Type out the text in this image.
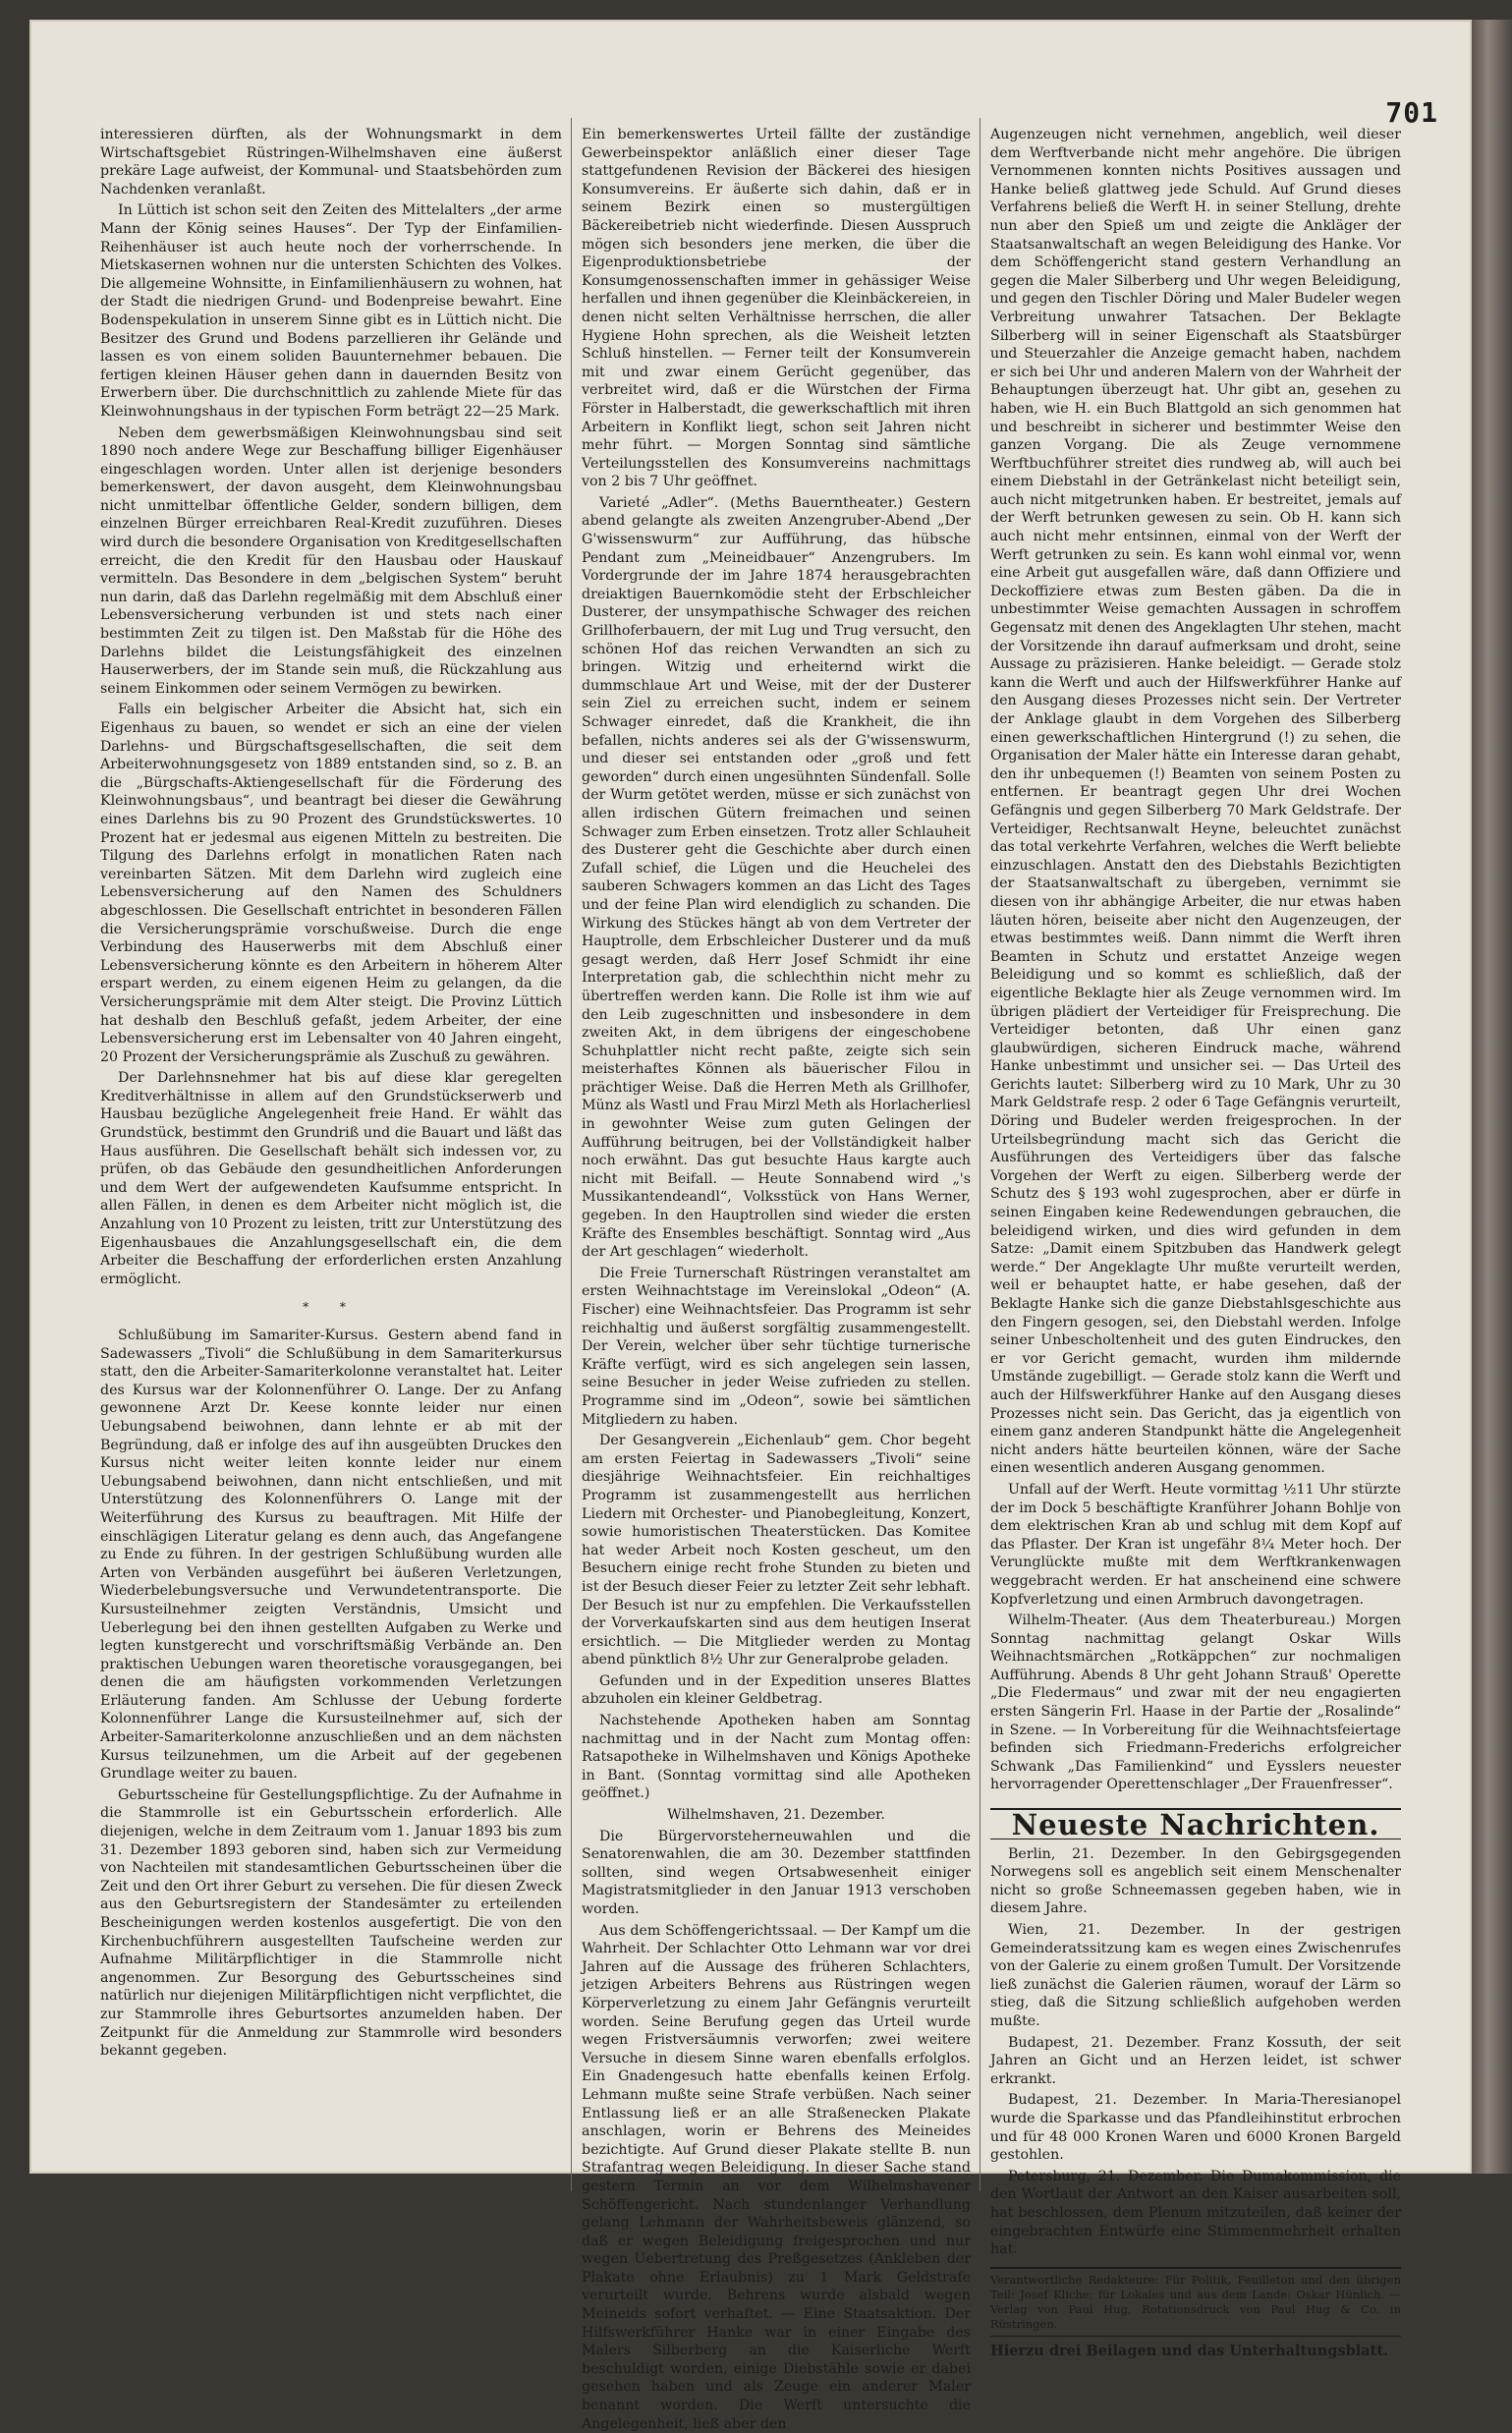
701

interessieren dürften, als der Wohnungsmarkt in dem Wirtschaftsgebiet Rüstringen-Wilhelmshaven eine äußerst prekäre Lage aufweist, der Kommunal- und Staatsbehörden zum Nachdenken veranlaßt.

In Lüttich ist schon seit den Zeiten des Mittelalters „der arme Mann der König seines Hauses“. Der Typ der Einfamilien-Reihenhäuser ist auch heute noch der vorherrschende. In Mietskasernen wohnen nur die untersten Schichten des Volkes. Die allgemeine Wohnsitte, in Einfamilienhäusern zu wohnen, hat der Stadt die niedrigen Grund- und Bodenpreise bewahrt. Eine Bodenspekulation in unserem Sinne gibt es in Lüttich nicht. Die Besitzer des Grund und Bodens parzellieren ihr Gelände und lassen es von einem soliden Bauunternehmer bebauen. Die fertigen kleinen Häuser gehen dann in dauernden Besitz von Erwerbern über. Die durchschnittlich zu zahlende Miete für das Kleinwohnungshaus in der typischen Form beträgt 22—25 Mark.

Neben dem gewerbsmäßigen Kleinwohnungsbau sind seit 1890 noch andere Wege zur Beschaffung billiger Eigenhäuser eingeschlagen worden. Unter allen ist derjenige besonders bemerkenswert, der davon ausgeht, dem Kleinwohnungsbau nicht unmittelbar öffentliche Gelder, sondern billigen, dem einzelnen Bürger erreichbaren Real-Kredit zuzuführen. Dieses wird durch die besondere Organisation von Kreditgesellschaften erreicht, die den Kredit für den Hausbau oder Hauskauf vermitteln. Das Besondere in dem „belgischen System“ beruht nun darin, daß das Darlehn regelmäßig mit dem Abschluß einer Lebensversicherung verbunden ist und stets nach einer bestimmten Zeit zu tilgen ist. Den Maßstab für die Höhe des Darlehns bildet die Leistungsfähigkeit des einzelnen Hauserwerbers, der im Stande sein muß, die Rückzahlung aus seinem Einkommen oder seinem Vermögen zu bewirken.

Falls ein belgischer Arbeiter die Absicht hat, sich ein Eigenhaus zu bauen, so wendet er sich an eine der vielen Darlehns- und Bürgschaftsgesellschaften, die seit dem Arbeiterwohnungsgesetz von 1889 entstanden sind, so z. B. an die „Bürgschafts-Aktiengesellschaft für die Förderung des Kleinwohnungsbaus“, und beantragt bei dieser die Gewährung eines Darlehns bis zu 90 Prozent des Grundstückswertes. 10 Prozent hat er jedesmal aus eigenen Mitteln zu bestreiten. Die Tilgung des Darlehns erfolgt in monatlichen Raten nach vereinbarten Sätzen. Mit dem Darlehn wird zugleich eine Lebensversicherung auf den Namen des Schuldners abgeschlossen. Die Gesellschaft entrichtet in besonderen Fällen die Versicherungsprämie vorschußweise. Durch die enge Verbindung des Hauserwerbs mit dem Abschluß einer Lebensversicherung könnte es den Arbeitern in höherem Alter erspart werden, zu einem eigenen Heim zu gelangen, da die Versicherungsprämie mit dem Alter steigt. Die Provinz Lüttich hat deshalb den Beschluß gefaßt, jedem Arbeiter, der eine Lebensversicherung erst im Lebensalter von 40 Jahren eingeht, 20 Prozent der Versicherungsprämie als Zuschuß zu gewähren.

Der Darlehnsnehmer hat bis auf diese klar geregelten Kreditverhältnisse in allem auf den Grundstückserwerb und Hausbau bezügliche Angelegenheit freie Hand. Er wählt das Grundstück, bestimmt den Grundriß und die Bauart und läßt das Haus ausführen. Die Gesellschaft behält sich indessen vor, zu prüfen, ob das Gebäude den gesundheitlichen Anforderungen und dem Wert der aufgewendeten Kaufsumme entspricht. In allen Fällen, in denen es dem Arbeiter nicht möglich ist, die Anzahlung von 10 Prozent zu leisten, tritt zur Unterstützung des Eigenhausbaues die Anzahlungsgesellschaft ein, die dem Arbeiter die Beschaffung der erforderlichen ersten Anzahlung ermöglicht.

* *

Schlußübung im Samariter-Kursus. Gestern abend fand in Sadewassers „Tivoli“ die Schlußübung in dem Samariterkursus statt, den die Arbeiter-Samariterkolonne veranstaltet hat. Leiter des Kursus war der Kolonnenführer O. Lange. Der zu Anfang gewonnene Arzt Dr. Keese konnte leider nur einen Uebungsabend beiwohnen, dann lehnte er ab mit der Begründung, daß er infolge des auf ihn ausgeübten Druckes den Kursus nicht weiter leiten konnte leider nur einem Uebungsabend beiwohnen, dann nicht entschließen, und mit Unterstützung des Kolonnenführers O. Lange mit der Weiterführung des Kursus zu beauftragen. Mit Hilfe der einschlägigen Literatur gelang es denn auch, das Angefangene zu Ende zu führen. In der gestrigen Schlußübung wurden alle Arten von Verbänden ausgeführt bei äußeren Verletzungen, Wiederbelebungsversuche und Verwundetentransporte. Die Kursusteilnehmer zeigten Verständnis, Umsicht und Ueberlegung bei den ihnen gestellten Aufgaben zu Werke und legten kunstgerecht und vorschriftsmäßig Verbände an. Den praktischen Uebungen waren theoretische vorausgegangen, bei denen die am häufigsten vorkommenden Verletzungen Erläuterung fanden. Am Schlusse der Uebung forderte Kolonnenführer Lange die Kursusteilnehmer auf, sich der Arbeiter-Samariterkolonne anzuschließen und an dem nächsten Kursus teilzunehmen, um die Arbeit auf der gegebenen Grundlage weiter zu bauen.

Geburtsscheine für Gestellungspflichtige. Zu der Aufnahme in die Stammrolle ist ein Geburtsschein erforderlich. Alle diejenigen, welche in dem Zeitraum vom 1. Januar 1893 bis zum 31. Dezember 1893 geboren sind, haben sich zur Vermeidung von Nachteilen mit standesamtlichen Geburtsscheinen über die Zeit und den Ort ihrer Geburt zu versehen. Die für diesen Zweck aus den Geburtsregistern der Standesämter zu erteilenden Bescheinigungen werden kostenlos ausgefertigt. Die von den Kirchenbuchführern ausgestellten Taufscheine werden zur Aufnahme Militärpflichtiger in die Stammrolle nicht angenommen. Zur Besorgung des Geburtsscheines sind natürlich nur diejenigen Militärpflichtigen nicht verpflichtet, die zur Stammrolle ihres Geburtsortes anzumelden haben. Der Zeitpunkt für die Anmeldung zur Stammrolle wird besonders bekannt gegeben.

Ein bemerkenswertes Urteil fällte der zuständige Gewerbeinspektor anläßlich einer dieser Tage stattgefundenen Revision der Bäckerei des hiesigen Konsumvereins. Er äußerte sich dahin, daß er in seinem Bezirk einen so mustergültigen Bäckereibetrieb nicht wiederfinde. Diesen Ausspruch mögen sich besonders jene merken, die über die Eigenproduktionsbetriebe der Konsumgenossenschaften immer in gehässiger Weise herfallen und ihnen gegenüber die Kleinbäckereien, in denen nicht selten Verhältnisse herrschen, die aller Hygiene Hohn sprechen, als die Weisheit letzten Schluß hinstellen. — Ferner teilt der Konsumverein mit und zwar einem Gerücht gegenüber, das verbreitet wird, daß er die Würstchen der Firma Förster in Halberstadt, die gewerkschaftlich mit ihren Arbeitern in Konflikt liegt, schon seit Jahren nicht mehr führt. — Morgen Sonntag sind sämtliche Verteilungsstellen des Konsumvereins nachmittags von 2 bis 7 Uhr geöffnet.

Varieté „Adler“. (Meths Bauerntheater.) Gestern abend gelangte als zweiten Anzengruber-Abend „Der G'wissenswurm“ zur Aufführung, das hübsche Pendant zum „Meineidbauer“ Anzengrubers. Im Vordergrunde der im Jahre 1874 herausgebrachten dreiaktigen Bauernkomödie steht der Erbschleicher Dusterer, der unsympathische Schwager des reichen Grillhoferbauern, der mit Lug und Trug versucht, den schönen Hof das reichen Verwandten an sich zu bringen. Witzig und erheiternd wirkt die dummschlaue Art und Weise, mit der der Dusterer sein Ziel zu erreichen sucht, indem er seinem Schwager einredet, daß die Krankheit, die ihn befallen, nichts anderes sei als der G'wissenswurm, und dieser sei entstanden oder „groß und fett geworden“ durch einen ungesühnten Sündenfall. Solle der Wurm getötet werden, müsse er sich zunächst von allen irdischen Gütern freimachen und seinen Schwager zum Erben einsetzen. Trotz aller Schlauheit des Dusterer geht die Geschichte aber durch einen Zufall schief, die Lügen und die Heuchelei des sauberen Schwagers kommen an das Licht des Tages und der feine Plan wird elendiglich zu schanden. Die Wirkung des Stückes hängt ab von dem Vertreter der Hauptrolle, dem Erbschleicher Dusterer und da muß gesagt werden, daß Herr Josef Schmidt ihr eine Interpretation gab, die schlechthin nicht mehr zu übertreffen werden kann. Die Rolle ist ihm wie auf den Leib zugeschnitten und insbesondere in dem zweiten Akt, in dem übrigens der eingeschobene Schuhplattler nicht recht paßte, zeigte sich sein meisterhaftes Können als bäuerischer Filou in prächtiger Weise. Daß die Herren Meth als Grillhofer, Münz als Wastl und Frau Mirzl Meth als Horlacherliesl in gewohnter Weise zum guten Gelingen der Aufführung beitrugen, bei der Vollständigkeit halber noch erwähnt. Das gut besuchte Haus kargte auch nicht mit Beifall. — Heute Sonnabend wird „'s Mussikantendeandl“, Volksstück von Hans Werner, gegeben. In den Hauptrollen sind wieder die ersten Kräfte des Ensembles beschäftigt. Sonntag wird „Aus der Art geschlagen“ wiederholt.

Die Freie Turnerschaft Rüstringen veranstaltet am ersten Weihnachtstage im Vereinslokal „Odeon“ (A. Fischer) eine Weihnachtsfeier. Das Programm ist sehr reichhaltig und äußerst sorgfältig zusammengestellt. Der Verein, welcher über sehr tüchtige turnerische Kräfte verfügt, wird es sich angelegen sein lassen, seine Besucher in jeder Weise zufrieden zu stellen. Programme sind im „Odeon“, sowie bei sämtlichen Mitgliedern zu haben.

Der Gesangverein „Eichenlaub“ gem. Chor begeht am ersten Feiertag in Sadewassers „Tivoli“ seine diesjährige Weihnachtsfeier. Ein reichhaltiges Programm ist zusammengestellt aus herrlichen Liedern mit Orchester- und Pianobegleitung, Konzert, sowie humoristischen Theaterstücken. Das Komitee hat weder Arbeit noch Kosten gescheut, um den Besuchern einige recht frohe Stunden zu bieten und ist der Besuch dieser Feier zu letzter Zeit sehr lebhaft. Der Besuch ist nur zu empfehlen. Die Verkaufsstellen der Vorverkaufskarten sind aus dem heutigen Inserat ersichtlich. — Die Mitglieder werden zu Montag abend pünktlich 8½ Uhr zur Generalprobe geladen.

Gefunden und in der Expedition unseres Blattes abzuholen ein kleiner Geldbetrag.

Nachstehende Apotheken haben am Sonntag nachmittag und in der Nacht zum Montag offen: Ratsapotheke in Wilhelmshaven und Königs Apotheke in Bant. (Sonntag vormittag sind alle Apotheken geöffnet.)

Wilhelmshaven, 21. Dezember.

Die Bürgervorsteherneuwahlen und die Senatorenwahlen, die am 30. Dezember stattfinden sollten, sind wegen Ortsabwesenheit einiger Magistratsmitglieder in den Januar 1913 verschoben worden.

Aus dem Schöffengerichtssaal. — Der Kampf um die Wahrheit. Der Schlachter Otto Lehmann war vor drei Jahren auf die Aussage des früheren Schlachters, jetzigen Arbeiters Behrens aus Rüstringen wegen Körperverletzung zu einem Jahr Gefängnis verurteilt worden. Seine Berufung gegen das Urteil wurde wegen Fristversäumnis verworfen; zwei weitere Versuche in diesem Sinne waren ebenfalls erfolglos. Ein Gnadengesuch hatte ebenfalls keinen Erfolg. Lehmann mußte seine Strafe verbüßen. Nach seiner Entlassung ließ er an alle Straßenecken Plakate anschlagen, worin er Behrens des Meineides bezichtigte. Auf Grund dieser Plakate stellte B. nun Strafantrag wegen Beleidigung. In dieser Sache stand gestern Termin an vor dem Wilhelmshavener Schöffengericht. Nach stundenlanger Verhandlung gelang Lehmann der Wahrheitsbeweis glänzend, so daß er wegen Beleidigung freigesprochen und nur wegen Uebertretung des Preßgesetzes (Ankleben der Plakate ohne Erlaubnis) zu 1 Mark Geldstrafe verurteilt wurde. Behrens wurde alsbald wegen Meineids sofort verhaftet. — Eine Staatsaktion. Der Hilfswerkführer Hanke war in einer Eingabe des Malers Silberberg an die Kaiserliche Werft beschuldigt worden, einige Diebstähle sowie er dabei gesehen haben und als Zeuge ein anderer Maler benannt worden. Die Werft untersuchte die Angelegenheit, ließ aber den

Augenzeugen nicht vernehmen, angeblich, weil dieser dem Werftverbande nicht mehr angehöre. Die übrigen Vernommenen konnten nichts Positives aussagen und Hanke beließ glattweg jede Schuld. Auf Grund dieses Verfahrens beließ die Werft H. in seiner Stellung, drehte nun aber den Spieß um und zeigte die Ankläger der Staatsanwaltschaft an wegen Beleidigung des Hanke. Vor dem Schöffengericht stand gestern Verhandlung an gegen die Maler Silberberg und Uhr wegen Beleidigung, und gegen den Tischler Döring und Maler Budeler wegen Verbreitung unwahrer Tatsachen. Der Beklagte Silberberg will in seiner Eigenschaft als Staatsbürger und Steuerzahler die Anzeige gemacht haben, nachdem er sich bei Uhr und anderen Malern von der Wahrheit der Behauptungen überzeugt hat. Uhr gibt an, gesehen zu haben, wie H. ein Buch Blattgold an sich genommen hat und beschreibt in sicherer und bestimmter Weise den ganzen Vorgang. Die als Zeuge vernommene Werftbuchführer streitet dies rundweg ab, will auch bei einem Diebstahl in der Getränkelast nicht beteiligt sein, auch nicht mitgetrunken haben. Er bestreitet, jemals auf der Werft betrunken gewesen zu sein. Ob H. kann sich auch nicht mehr entsinnen, einmal von der Werft der Werft getrunken zu sein. Es kann wohl einmal vor, wenn eine Arbeit gut ausgefallen wäre, daß dann Offiziere und Deckoffiziere etwas zum Besten gäben. Da die in unbestimmter Weise gemachten Aussagen in schroffem Gegensatz mit denen des Angeklagten Uhr stehen, macht der Vorsitzende ihn darauf aufmerksam und droht, seine Aussage zu präzisieren. Hanke beleidigt. — Gerade stolz kann die Werft und auch der Hilfswerkführer Hanke auf den Ausgang dieses Prozesses nicht sein. Der Vertreter der Anklage glaubt in dem Vorgehen des Silberberg einen gewerkschaftlichen Hintergrund (!) zu sehen, die Organisation der Maler hätte ein Interesse daran gehabt, den ihr unbequemen (!) Beamten von seinem Posten zu entfernen. Er beantragt gegen Uhr drei Wochen Gefängnis und gegen Silberberg 70 Mark Geldstrafe. Der Verteidiger, Rechtsanwalt Heyne, beleuchtet zunächst das total verkehrte Verfahren, welches die Werft beliebte einzuschlagen. Anstatt den des Diebstahls Bezichtigten der Staatsanwaltschaft zu übergeben, vernimmt sie diesen von ihr abhängige Arbeiter, die nur etwas haben läuten hören, beiseite aber nicht den Augenzeugen, der etwas bestimmtes weiß. Dann nimmt die Werft ihren Beamten in Schutz und erstattet Anzeige wegen Beleidigung und so kommt es schließlich, daß der eigentliche Beklagte hier als Zeuge vernommen wird. Im übrigen plädiert der Verteidiger für Freisprechung. Die Verteidiger betonten, daß Uhr einen ganz glaubwürdigen, sicheren Eindruck mache, während Hanke unbestimmt und unsicher sei. — Das Urteil des Gerichts lautet: Silberberg wird zu 10 Mark, Uhr zu 30 Mark Geldstrafe resp. 2 oder 6 Tage Gefängnis verurteilt, Döring und Budeler werden freigesprochen. In der Urteilsbegründung macht sich das Gericht die Ausführungen des Verteidigers über das falsche Vorgehen der Werft zu eigen. Silberberg werde der Schutz des § 193 wohl zugesprochen, aber er dürfe in seinen Eingaben keine Redewendungen gebrauchen, die beleidigend wirken, und dies wird gefunden in dem Satze: „Damit einem Spitzbuben das Handwerk gelegt werde.“ Der Angeklagte Uhr mußte verurteilt werden, weil er behauptet hatte, er habe gesehen, daß der Beklagte Hanke sich die ganze Diebstahlsgeschichte aus den Fingern gesogen, sei, den Diebstahl werden. Infolge seiner Unbescholtenheit und des guten Eindruckes, den er vor Gericht gemacht, wurden ihm mildernde Umstände zugebilligt. — Gerade stolz kann die Werft und auch der Hilfswerkführer Hanke auf den Ausgang dieses Prozesses nicht sein. Das Gericht, das ja eigentlich von einem ganz anderen Standpunkt hätte die Angelegenheit nicht anders hätte beurteilen können, wäre der Sache einen wesentlich anderen Ausgang genommen.

Unfall auf der Werft. Heute vormittag ½11 Uhr stürzte der im Dock 5 beschäftigte Kranführer Johann Bohlje von dem elektrischen Kran ab und schlug mit dem Kopf auf das Pflaster. Der Kran ist ungefähr 8¼ Meter hoch. Der Verunglückte mußte mit dem Werftkrankenwagen weggebracht werden. Er hat anscheinend eine schwere Kopfverletzung und einen Armbruch davongetragen.

Wilhelm-Theater. (Aus dem Theaterbureau.) Morgen Sonntag nachmittag gelangt Oskar Wills Weihnachtsmärchen „Rotkäppchen“ zur nochmaligen Aufführung. Abends 8 Uhr geht Johann Strauß' Operette „Die Fledermaus“ und zwar mit der neu engagierten ersten Sängerin Frl. Haase in der Partie der „Rosalinde“ in Szene. — In Vorbereitung für die Weihnachtsfeiertage befinden sich Friedmann-Frederichs erfolgreicher Schwank „Das Familienkind“ und Eysslers neuester hervorragender Operettenschlager „Der Frauenfresser“.

Neueste Nachrichten.

Berlin, 21. Dezember. In den Gebirgsgegenden Norwegens soll es angeblich seit einem Menschenalter nicht so große Schneemassen gegeben haben, wie in diesem Jahre.

Wien, 21. Dezember. In der gestrigen Gemeinderatssitzung kam es wegen eines Zwischenrufes von der Galerie zu einem großen Tumult. Der Vorsitzende ließ zunächst die Galerien räumen, worauf der Lärm so stieg, daß die Sitzung schließlich aufgehoben werden mußte.

Budapest, 21. Dezember. Franz Kossuth, der seit Jahren an Gicht und an Herzen leidet, ist schwer erkrankt.

Budapest, 21. Dezember. In Maria-Theresianopel wurde die Sparkasse und das Pfandleihinstitut erbrochen und für 48 000 Kronen Waren und 6000 Kronen Bargeld gestohlen.

Petersburg, 21. Dezember. Die Dumakommission, die den Wortlaut der Antwort an den Kaiser ausarbeiten soll, hat beschlossen, dem Plenum mitzuteilen, daß keiner der eingebrachten Entwürfe eine Stimmenmehrheit erhalten hat.

Verantwortliche Redakteure: Für Politik, Feuilleton und den übrigen Teil: Josef Kliche; für Lokales und aus dem Lande: Oskar Hünlich. — Verlag von Paul Hug, Rotationsdruck von Paul Hug & Co. in Rüstringen.

Hierzu drei Beilagen und das Unterhaltungsblatt.
